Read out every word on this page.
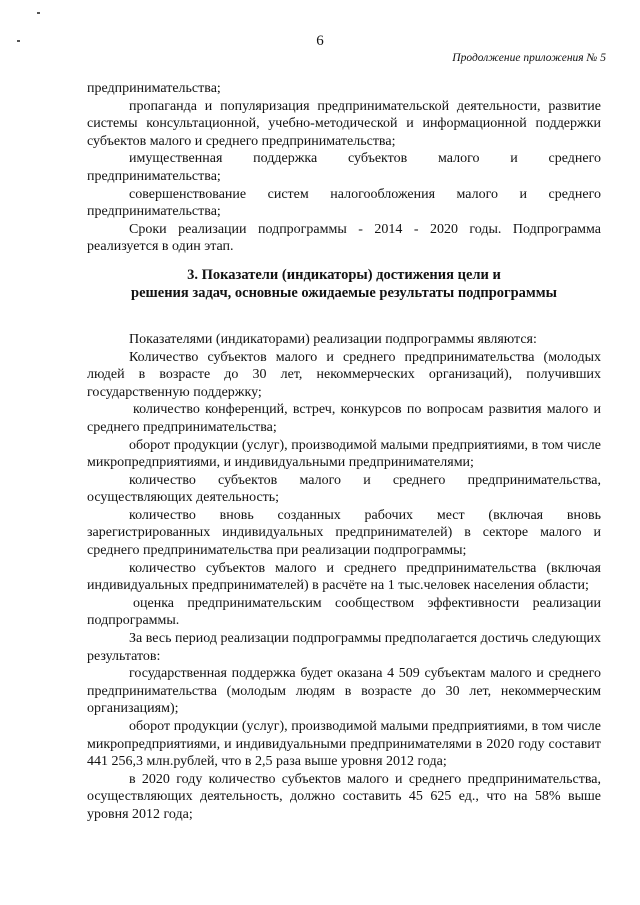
6
Продолжение приложения № 5

предпринимательства;

пропаганда и популяризация предпринимательской деятельности, развитие системы консультационной, учебно-методической и информационной поддержки субъектов малого и среднего предпринимательства;

имущественная поддержка субъектов малого и среднего предпринимательства;

совершенствование систем налогообложения малого и среднего предпринимательства;

Сроки реализации подпрограммы - 2014 - 2020 годы. Подпрограмма реализуется в один этап.

3. Показатели (индикаторы) достижения цели и
решения задач, основные ожидаемые результаты подпрограммы

Показателями (индикаторами) реализации подпрограммы являются:

Количество субъектов малого и среднего предпринимательства (молодых людей в возрасте до 30 лет, некоммерческих организаций), получивших государственную поддержку;

количество конференций, встреч, конкурсов по вопросам развития малого и среднего предпринимательства;

оборот продукции (услуг), производимой малыми предприятиями, в том числе микропредприятиями, и индивидуальными предпринимателями;

количество субъектов малого и среднего предпринимательства, осуществляющих деятельность;

количество вновь созданных рабочих мест (включая вновь зарегистрированных индивидуальных предпринимателей) в секторе малого и среднего предпринимательства при реализации подпрограммы;

количество субъектов малого и среднего предпринимательства (включая индивидуальных предпринимателей) в расчёте на 1 тыс.человек населения области;

оценка предпринимательским сообществом эффективности реализации подпрограммы.

За весь период реализации подпрограммы предполагается достичь следующих результатов:

государственная поддержка будет оказана 4 509 субъектам малого и среднего предпринимательства (молодым людям в возрасте до 30 лет, некоммерческим организациям);

оборот продукции (услуг), производимой малыми предприятиями, в том числе микропредприятиями, и индивидуальными предпринимателями в 2020 году составит 441 256,3 млн.рублей, что в 2,5 раза выше уровня 2012 года;

в 2020 году количество субъектов малого и среднего предпринимательства, осуществляющих деятельность, должно составить 45 625 ед., что на 58% выше уровня 2012 года;
